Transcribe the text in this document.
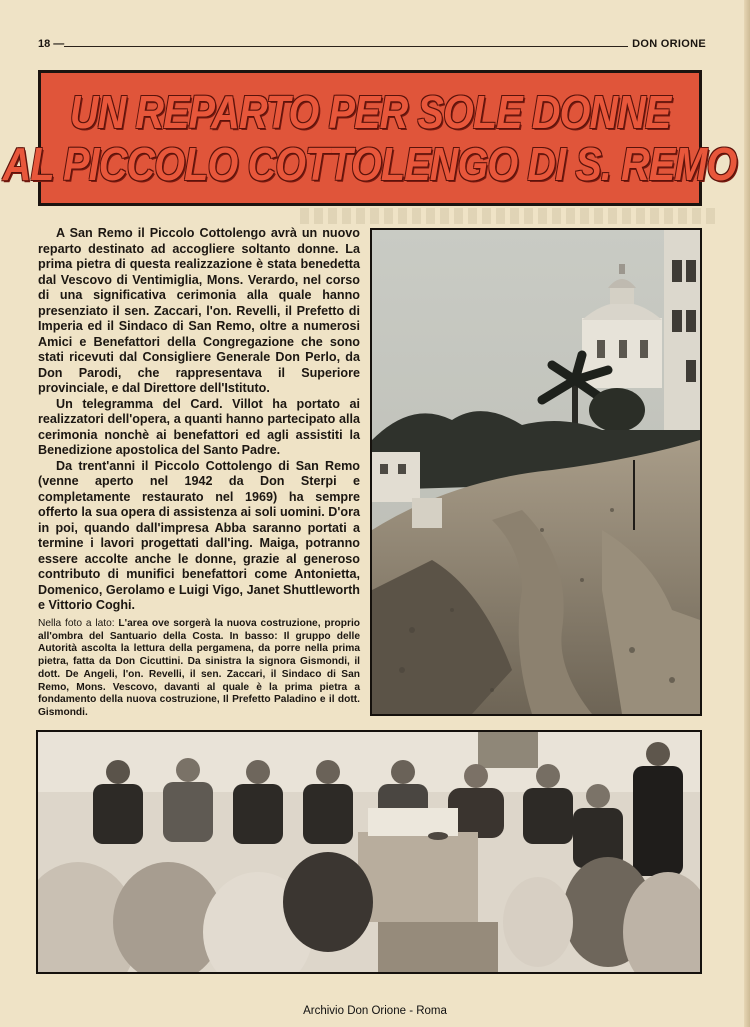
18 —	DON ORIONE
UN REPARTO PER SOLE DONNE
AL PICCOLO COTTOLENGO DI S. REMO

A San Remo il Piccolo Cottolengo avrà un nuovo reparto destinato ad accogliere soltanto donne. La prima pietra di questa realizzazione è stata benedetta dal Vescovo di Ventimiglia, Mons. Verardo, nel corso di una significativa cerimonia alla quale hanno presenziato il sen. Zaccari, l'on. Revelli, il Prefetto di Imperia ed il Sindaco di San Remo, oltre a numerosi Amici e Benefattori della Congregazione che sono stati ricevuti dal Consigliere Generale Don Perlo, da Don Parodi, che rappresentava il Superiore provinciale, e dal Direttore dell'Istituto.

Un telegramma del Card. Villot ha portato ai realizzatori dell'opera, a quanti hanno partecipato alla cerimonia nonchè ai benefattori ed agli assistiti la Benedizione apostolica del Santo Padre.

Da trent'anni il Piccolo Cottolengo di San Remo (venne aperto nel 1942 da Don Sterpi e completamente restaurato nel 1969) ha sempre offerto la sua opera di assistenza ai soli uomini. D'ora in poi, quando dall'impresa Abba saranno portati a termine i lavori progettati dall'ing. Maiga, potranno essere accolte anche le donne, grazie al generoso contributo di munifici benefattori come Antonietta, Domenico, Gerolamo e Luigi Vigo, Janet Shuttleworth e Vittorio Coghi.

Nella foto a lato: L'area ove sorgerà la nuova costruzione, proprio all'ombra del Santuario della Costa. In basso: Il gruppo delle Autorità ascolta la lettura della pergamena, da porre nella prima pietra, fatta da Don Cicuttini. Da sinistra la signora Gismondi, il dott. De Angeli, l'on. Revelli, il sen. Zaccari, il Sindaco di San Remo, Mons. Vescovo, davanti al quale è la prima pietra a fondamento della nuova costruzione, Il Prefetto Paladino e il dott. Gismondi.

Archivio Don Orione - Roma
